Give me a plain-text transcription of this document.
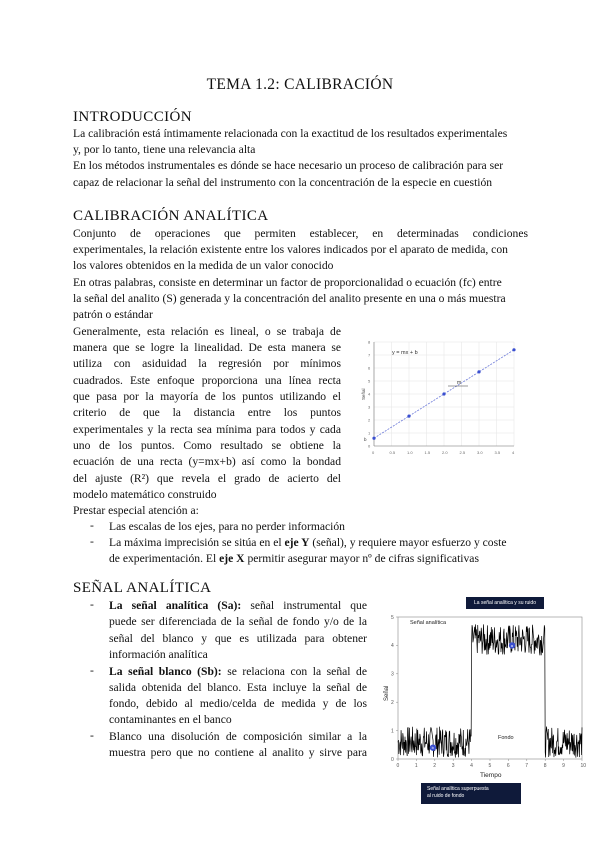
TEMA 1.2: CALIBRACIÓN
INTRODUCCIÓN
La calibración está íntimamente relacionada con la exactitud de los resultados experimentales
y, por lo tanto, tiene una relevancia alta
En los métodos instrumentales es dónde se hace necesario un proceso de calibración para ser
capaz de relacionar la señal del instrumento con la concentración de la especie en cuestión
CALIBRACIÓN ANALÍTICA
Conjunto de operaciones que permiten establecer, en determinadas condiciones
experimentales, la relación existente entre los valores indicados por el aparato de medida, con
los valores obtenidos en la medida de un valor conocido
En otras palabras, consiste en determinar un factor de proporcionalidad o ecuación (fc) entre
la señal del analito (S) generada y la concentración del analito presente en una o más muestra
patrón o estándar
Generalmente, esta relación es lineal, o se trabaja de
manera que se logre la linealidad. De esta manera se
utiliza con asiduidad la regresión por mínimos
cuadrados. Este enfoque proporciona una línea recta
que pasa por la mayoría de los puntos utilizando el
criterio de que la distancia entre los puntos
experimentales y la recta sea mínima para todos y cada
uno de los puntos. Como resultado se obtiene la
ecuación de una recta (y=mx+b) así como la bondad
del ajuste (R²) que revela el grado de acierto del
modelo matemático construido
0	0.5	1.0	1.5	2.0	2.5	3.0	3.5	4
0
1
2
3
4
5
6
7
8
y = mx + b
m
b
Señal
Prestar especial atención a:
- Las escalas de los ejes, para no perder información
- La máxima imprecisión se sitúa en el eje Y (señal), y requiere mayor esfuerzo y coste
de experimentación. El eje X permitir asegurar mayor nº de cifras significativas
SEÑAL ANALÍTICA
- La señal analítica (Sa): señal instrumental que
puede ser diferenciada de la señal de fondo y/o de la
señal del blanco y que es utilizada para obtener
información analítica
- La señal blanco (Sb): se relaciona con la señal de
salida obtenida del blanco. Esta incluye la señal de
fondo, debido al medio/celda de medida y de los
contaminantes en el banco
- Blanco una disolución de composición similar a la
muestra pero que no contiene al analito y sirve para
La señal analítica y su ruido
0	1	2	3	4	5	6	7	8	9	10
0
1
2
3
4
5
b
a
Señal analítica
Fondo
Tiempo
Señal
Señal analítica superpuesta
al ruido de fondo
